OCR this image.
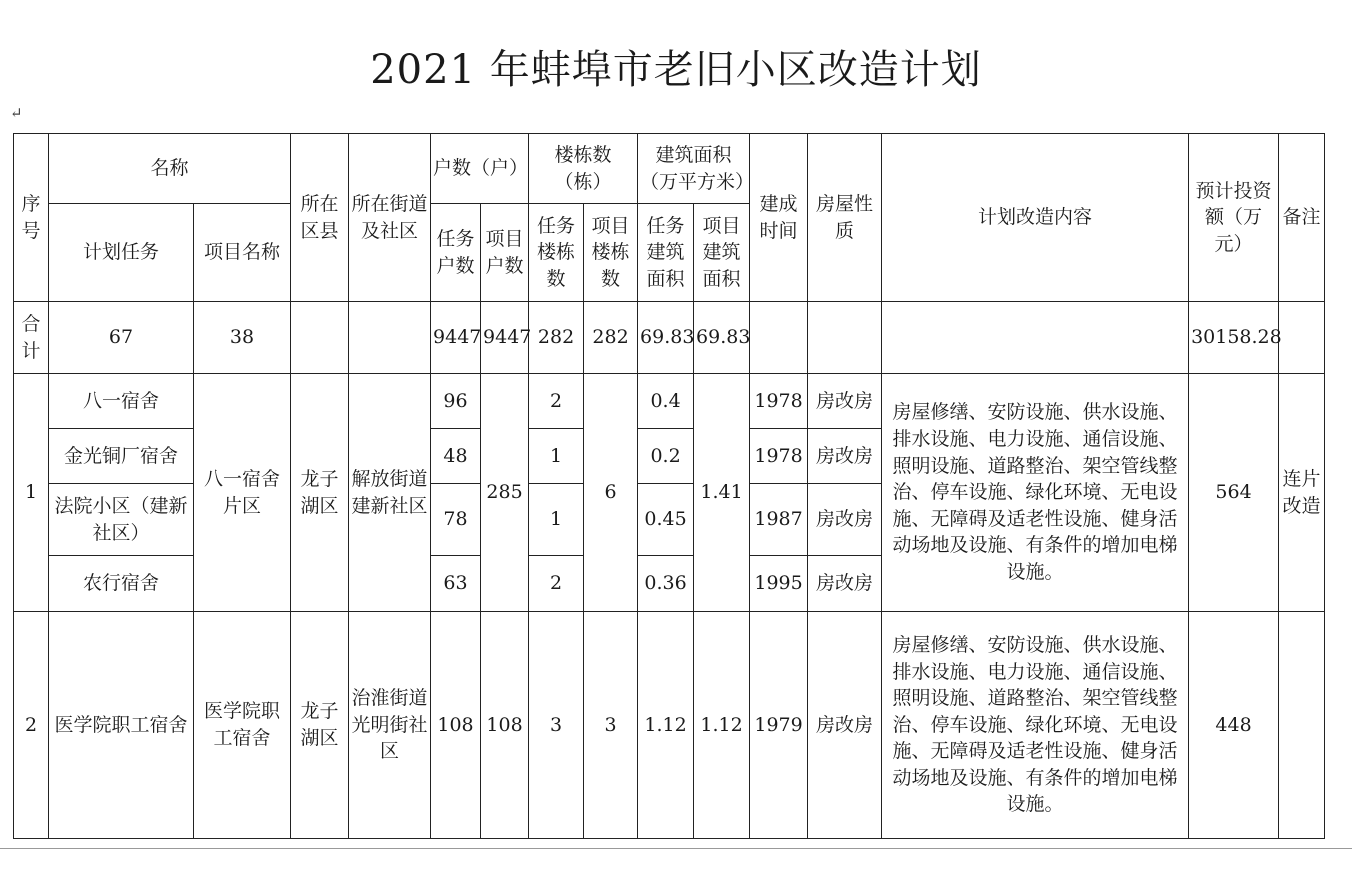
2021 年蚌埠市老旧小区改造计划
↵
序号	名称		所在区县	所在街道及社区	户数（户）		楼栋数（栋）		建筑面积（万平方米）		建成时间	房屋性质	计划改造内容	预计投资额（万元）	备注
	计划任务	项目名称			任务户数	项目户数	任务楼栋数	项目楼栋数	任务建筑面积	项目建筑面积					
合计	67	38			9447	9447	282	282	69.83	69.83				30158.28	
1	八一宿舍	八一宿舍片区	龙子湖区	解放街道建新社区	96	285	2	6	0.4	1.41	1978	房改房	房屋修缮、安防设施、供水设施、排水设施、电力设施、通信设施、照明设施、道路整治、架空管线整治、停车设施、绿化环境、无电设施、无障碍及适老性设施、健身活动场地及设施、有条件的增加电梯设施。	564	连片改造
	金光铜厂宿舍				48		1		0.2		1978	房改房			
	法院小区（建新社区）				78		1		0.45		1987	房改房			
	农行宿舍				63		2		0.36		1995	房改房			
2	医学院职工宿舍	医学院职工宿舍	龙子湖区	治淮街道光明街社区	108	108	3	3	1.12	1.12	1979	房改房	房屋修缮、安防设施、供水设施、排水设施、电力设施、通信设施、照明设施、道路整治、架空管线整治、停车设施、绿化环境、无电设施、无障碍及适老性设施、健身活动场地及设施、有条件的增加电梯设施。	448	
